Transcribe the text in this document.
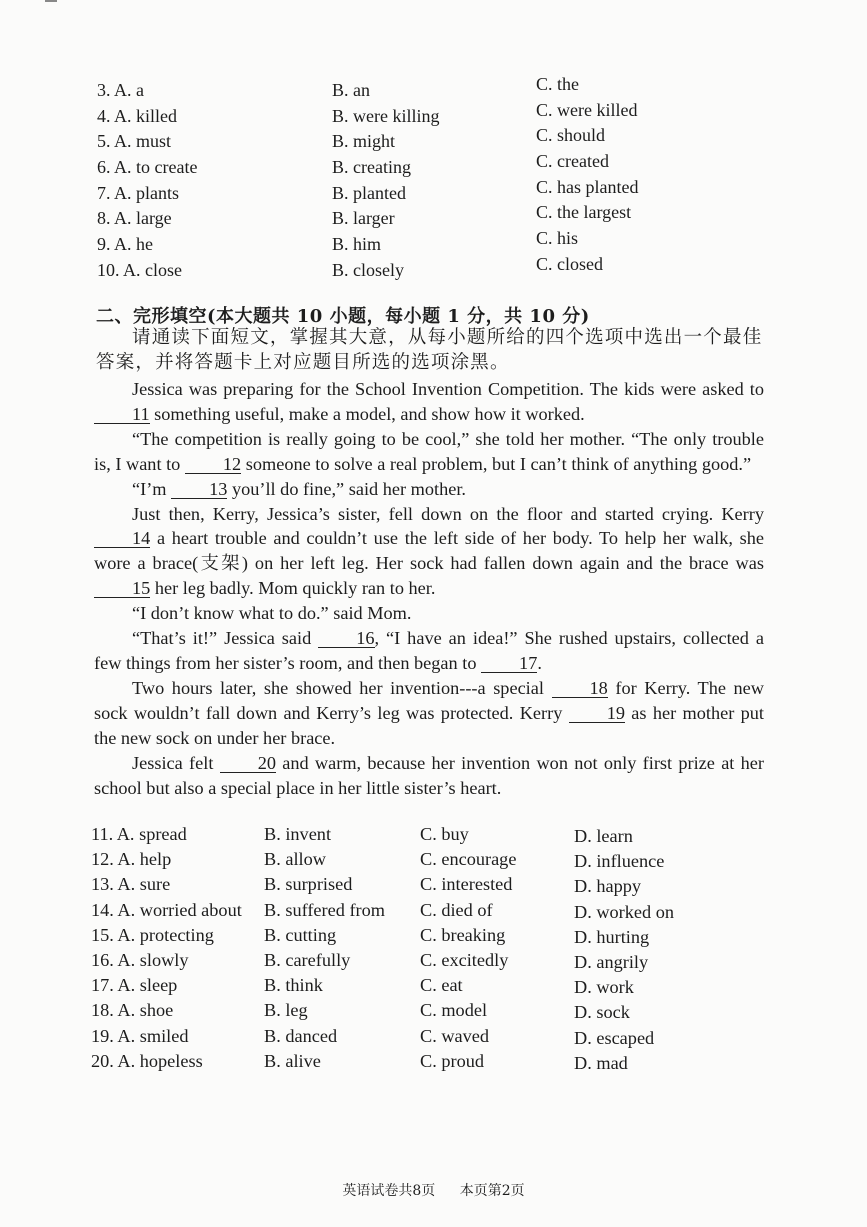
3. A. a	B. an	C. the
4. A. killed	B. were killing	C. were killed
5. A. must	B. might	C. should
6. A. to create	B. creating	C. created
7. A. plants	B. planted	C. has planted
8. A. large	B. larger	C. the largest
9. A. he	B. him	C. his
10. A. close	B. closely	C. closed
二、完形填空(本大题共 10 小题，每小题 1 分，共 10 分)
请通读下面短文，掌握其大意，从每小题所给的四个选项中选出一个最佳答案，并将答题卡上对应题目所选的选项涂黑。

Jessica was preparing for the School Invention Competition. The kids were asked to 11 something useful, make a model, and show how it worked.

“The competition is really going to be cool,” she told her mother. “The only trouble is, I want to 12 someone to solve a real problem, but I can’t think of anything good.”

“I’m 13 you’ll do fine,” said her mother.

Just then, Kerry, Jessica’s sister, fell down on the floor and started crying. Kerry 14 a heart trouble and couldn’t use the left side of her body. To help her walk, she wore a brace(支架) on her left leg. Her sock had fallen down again and the brace was 15 her leg badly. Mom quickly ran to her.

“I don’t know what to do.” said Mom.

“That’s it!” Jessica said 16, “I have an idea!” She rushed upstairs, collected a few things from her sister’s room, and then began to 17.

Two hours later, she showed her invention---a special 18 for Kerry. The new sock wouldn’t fall down and Kerry’s leg was protected. Kerry 19 as her mother put the new sock on under her brace.

Jessica felt 20 and warm, because her invention won not only first prize at her school but also a special place in her little sister’s heart.

11. A. spread	B. invent	C. buy	D. learn
12. A. help	B. allow	C. encourage	D. influence
13. A. sure	B. surprised	C. interested	D. happy
14. A. worried about B. suffered from C. died of	D. worked on
15. A. protecting	B. cutting	C. breaking	D. hurting
16. A. slowly	B. carefully	C. excitedly	D. angrily
17. A. sleep	B. think	C. eat	D. work
18. A. shoe	B. leg	C. model	D. sock
19. A. smiled	B. danced	C. waved	D. escaped
20. A. hopeless	B. alive	C. proud	D. mad
英语试卷共8页 本页第2页
